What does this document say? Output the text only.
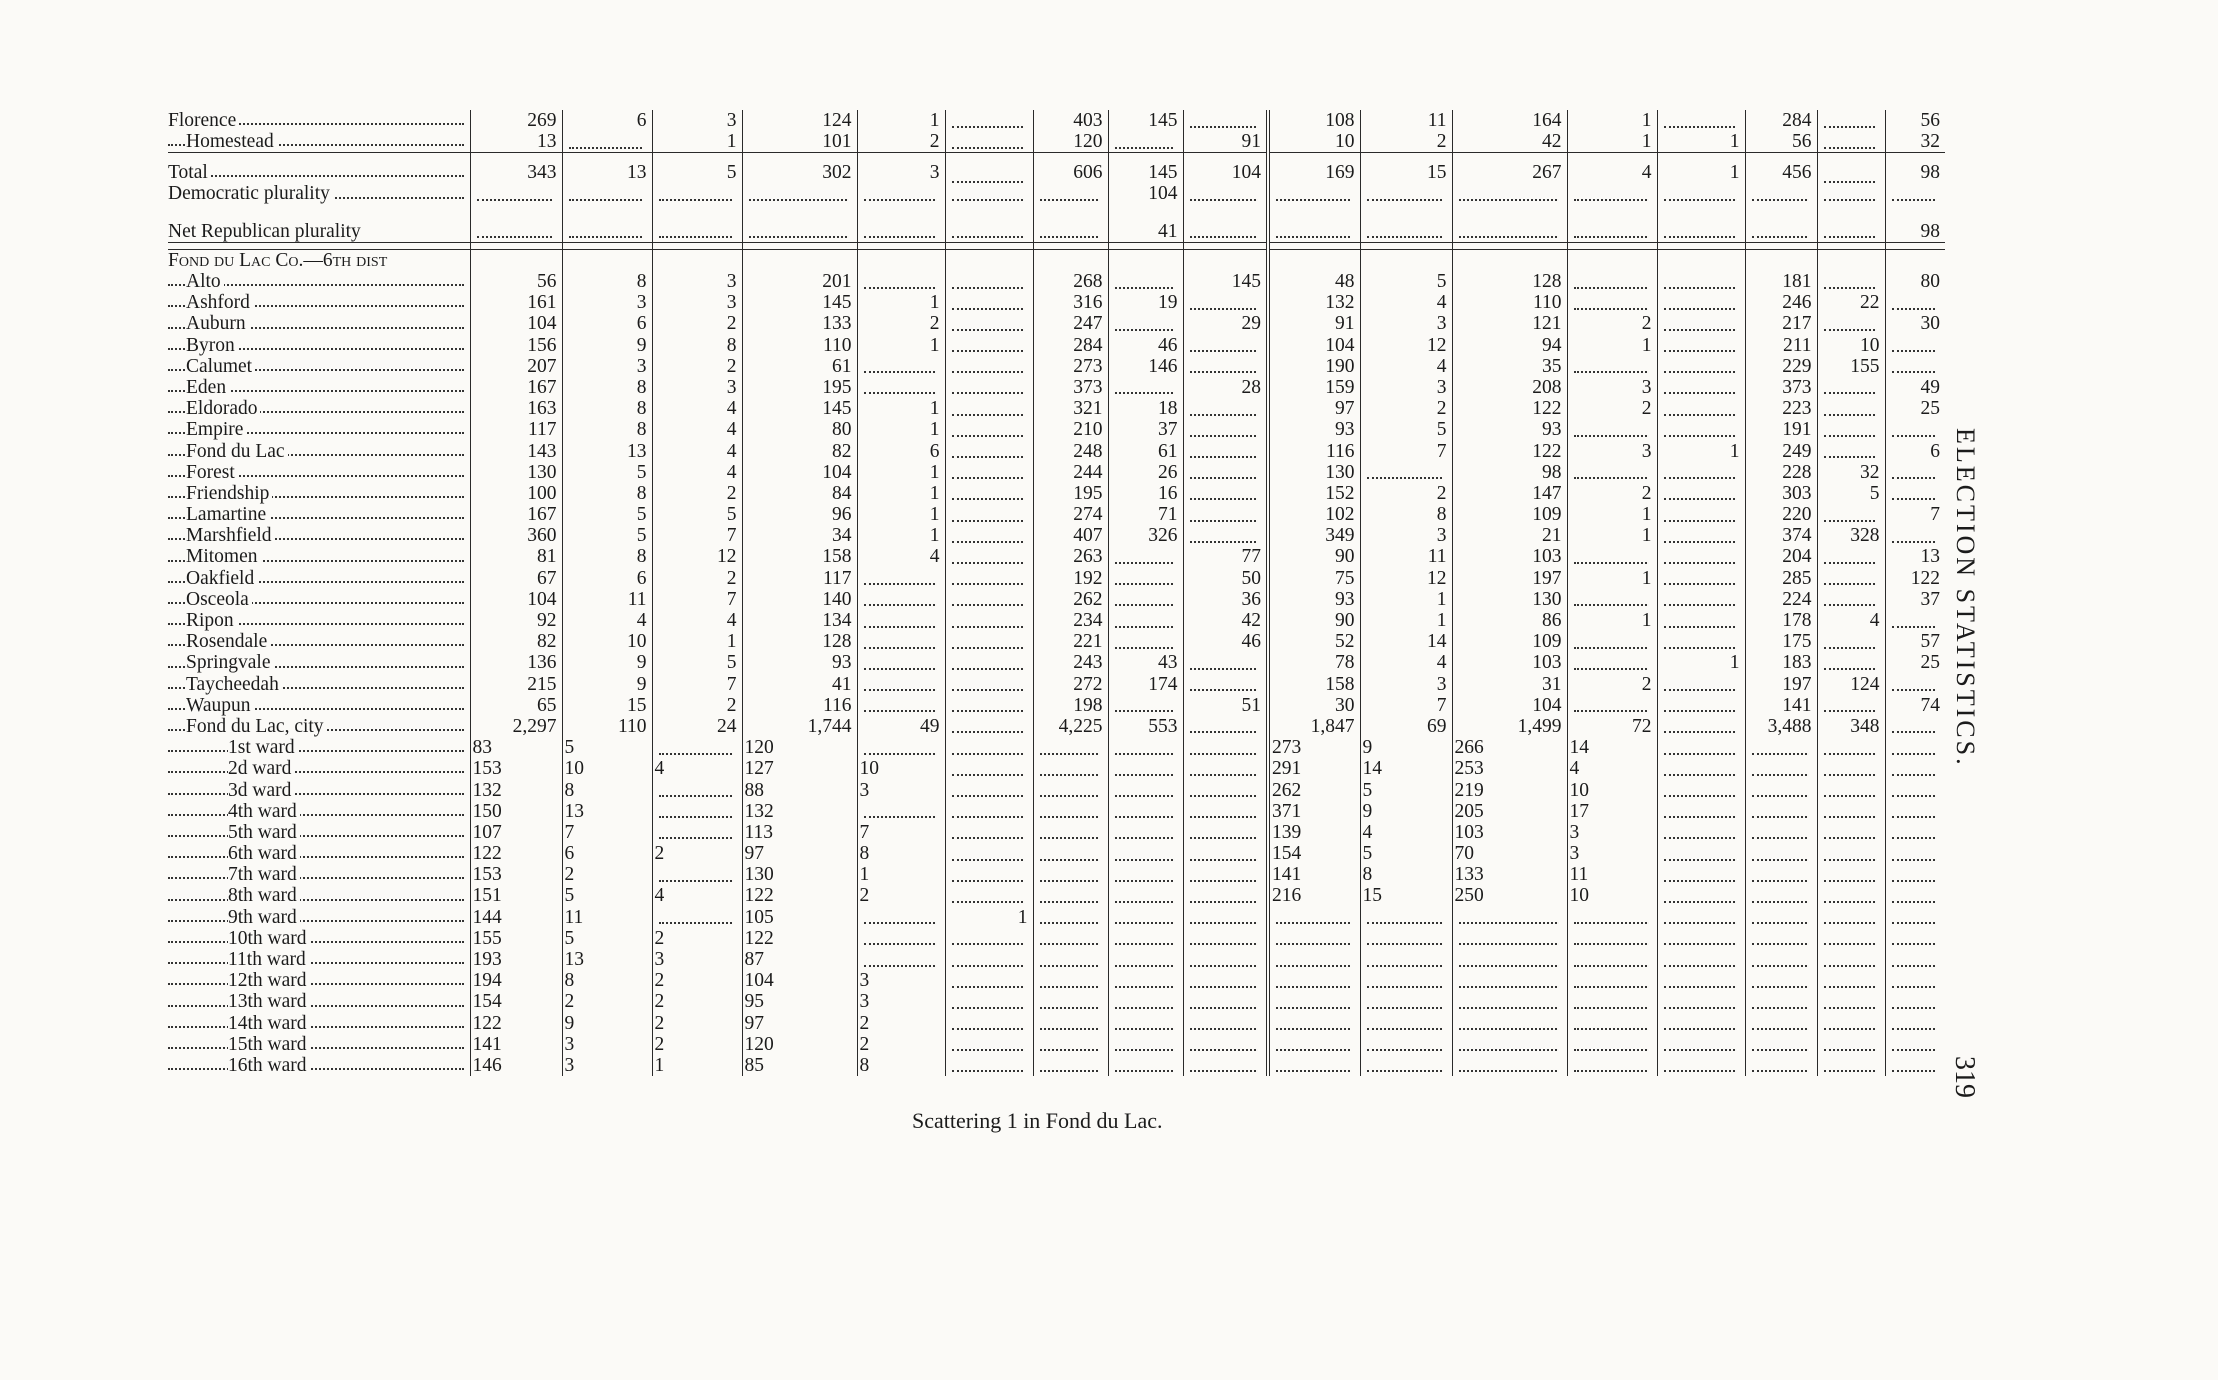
Florence	269	6	3	124	1		403	145		108	11	164	1		284		56
Homestead	13		1	101	2		120		91	10	2	42	1	1	56		32
Total	343	13	5	302	3		606	145	104	169	15	267	4	1	456		98
Democratic plurality								104									

Net Republican plurality								41									98

Fond du Lac Co.—6th dist																	
Alto	56	8	3	201			268		145	48	5	128			181		80
Ashford	161	3	3	145	1		316	19		132	4	110			246	22	
Auburn	104	6	2	133	2		247		29	91	3	121	2		217		30
Byron	156	9	8	110	1		284	46		104	12	94	1		211	10	
Calumet	207	3	2	61			273	146		190	4	35			229	155	
Eden	167	8	3	195			373		28	159	3	208	3		373		49
Eldorado	163	8	4	145	1		321	18		97	2	122	2		223		25
Empire	117	8	4	80	1		210	37		93	5	93			191		
Fond du Lac	143	13	4	82	6		248	61		116	7	122	3	1	249		6
Forest	130	5	4	104	1		244	26		130		98			228	32	
Friendship	100	8	2	84	1		195	16		152	2	147	2		303	5	
Lamartine	167	5	5	96	1		274	71		102	8	109	1		220		7
Marshfield	360	5	7	34	1		407	326		349	3	21	1		374	328	
Mitomen	81	8	12	158	4		263		77	90	11	103			204		13
Oakfield	67	6	2	117			192		50	75	12	197	1		285		122
Osceola	104	11	7	140			262		36	93	1	130			224		37
Ripon	92	4	4	134			234		42	90	1	86	1		178	4	
Rosendale	82	10	1	128			221		46	52	14	109			175		57
Springvale	136	9	5	93			243	43		78	4	103		1	183		25
Taycheedah	215	9	7	41			272	174		158	3	31	2		197	124	
Waupun	65	15	2	116			198		51	30	7	104			141		74
Fond du Lac, city	2,297	110	24	1,744	49		4,225	553		1,847	69	1,499	72		3,488	348	
1st ward	83	5		120						273	9	266	14				
2d ward	153	10	4	127	10					291	14	253	4				
3d ward	132	8		88	3					262	5	219	10				
4th ward	150	13		132						371	9	205	17				
5th ward	107	7		113	7					139	4	103	3				
6th ward	122	6	2	97	8					154	5	70	3				
7th ward	153	2		130	1					141	8	133	11				
8th ward	151	5	4	122	2					216	15	250	10				
9th ward	144	11		105		1											
10th ward	155	5	2	122													
11th ward	193	13	3	87													
12th ward	194	8	2	104	3												
13th ward	154	2	2	95	3												
14th ward	122	9	2	97	2												
15th ward	141	3	2	120	2												
16th ward	146	3	1	85	8												
Scattering 1 in Fond du Lac.
ELECTION STATISTICS.
319
